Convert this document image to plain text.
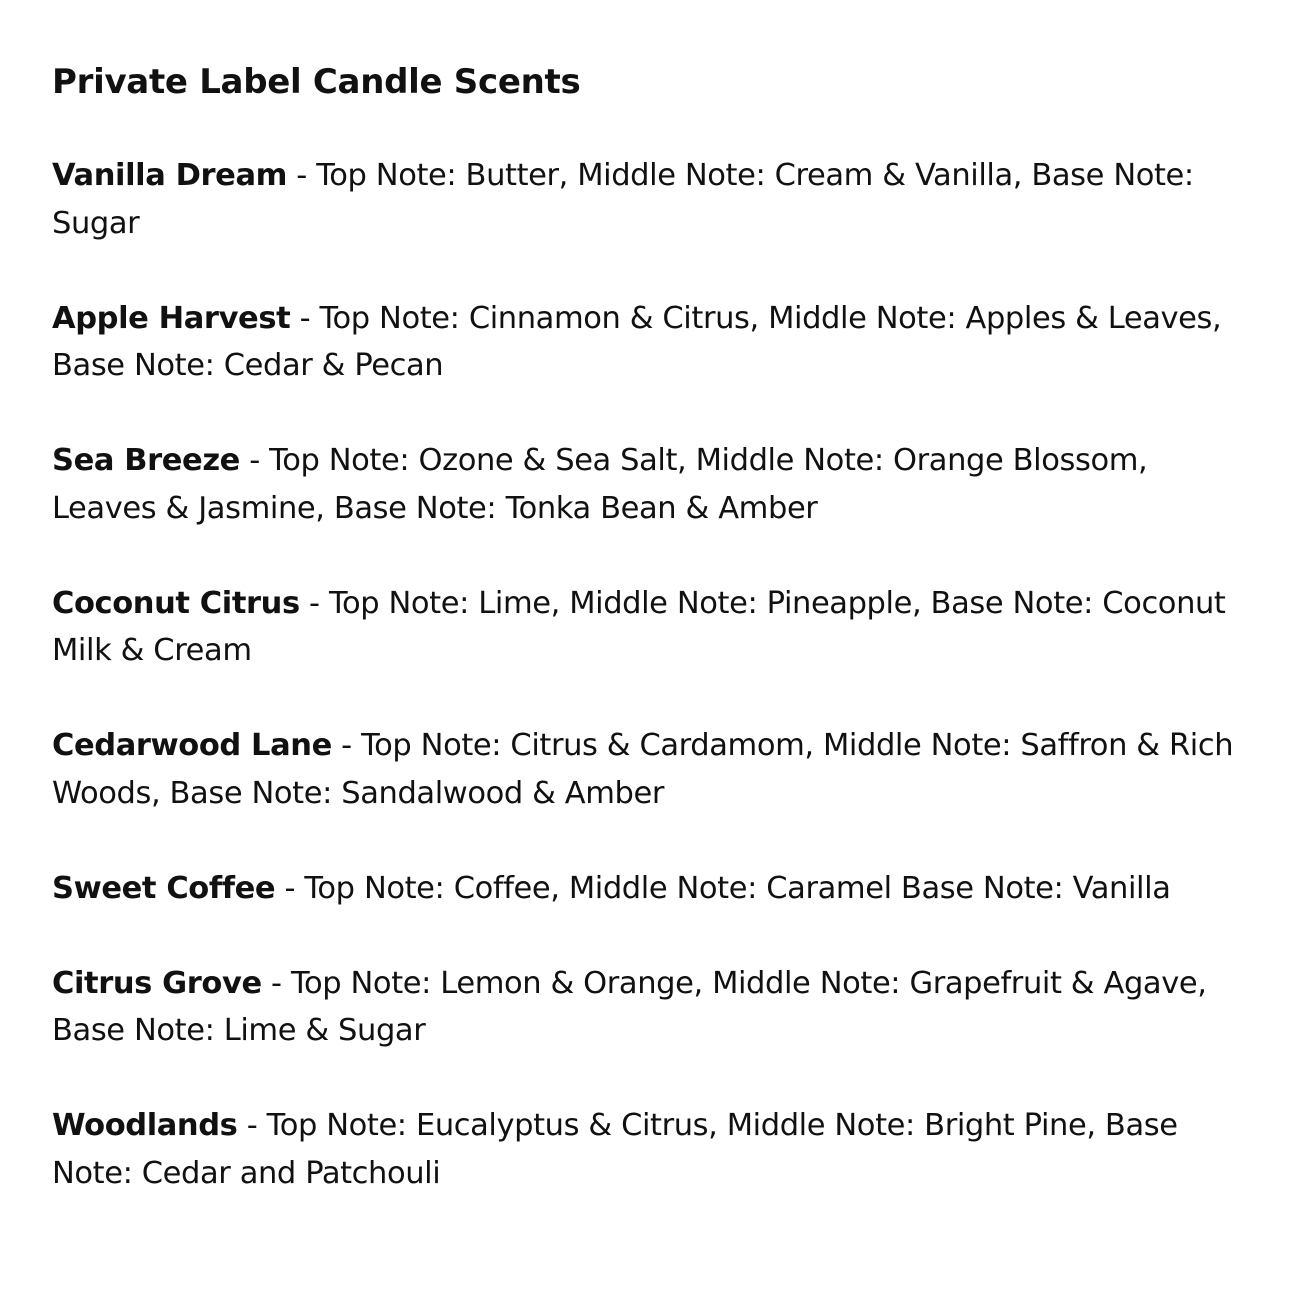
Private Label Candle Scents

Vanilla Dream - Top Note: Butter, Middle Note: Cream & Vanilla, Base Note: Sugar

Apple Harvest - Top Note: Cinnamon & Citrus, Middle Note: Apples & Leaves, Base Note: Cedar & Pecan

Sea Breeze - Top Note: Ozone & Sea Salt, Middle Note: Orange Blossom, Leaves & Jasmine, Base Note: Tonka Bean & Amber

Coconut Citrus - Top Note: Lime, Middle Note: Pineapple, Base Note: Coconut Milk & Cream

Cedarwood Lane - Top Note: Citrus & Cardamom, Middle Note: Saffron & Rich Woods, Base Note: Sandalwood & Amber

Sweet Coffee - Top Note: Coffee, Middle Note: Caramel Base Note: Vanilla

Citrus Grove - Top Note: Lemon & Orange, Middle Note: Grapefruit & Agave, Base Note: Lime & Sugar

Woodlands - Top Note: Eucalyptus & Citrus, Middle Note: Bright Pine, Base Note: Cedar and Patchouli
